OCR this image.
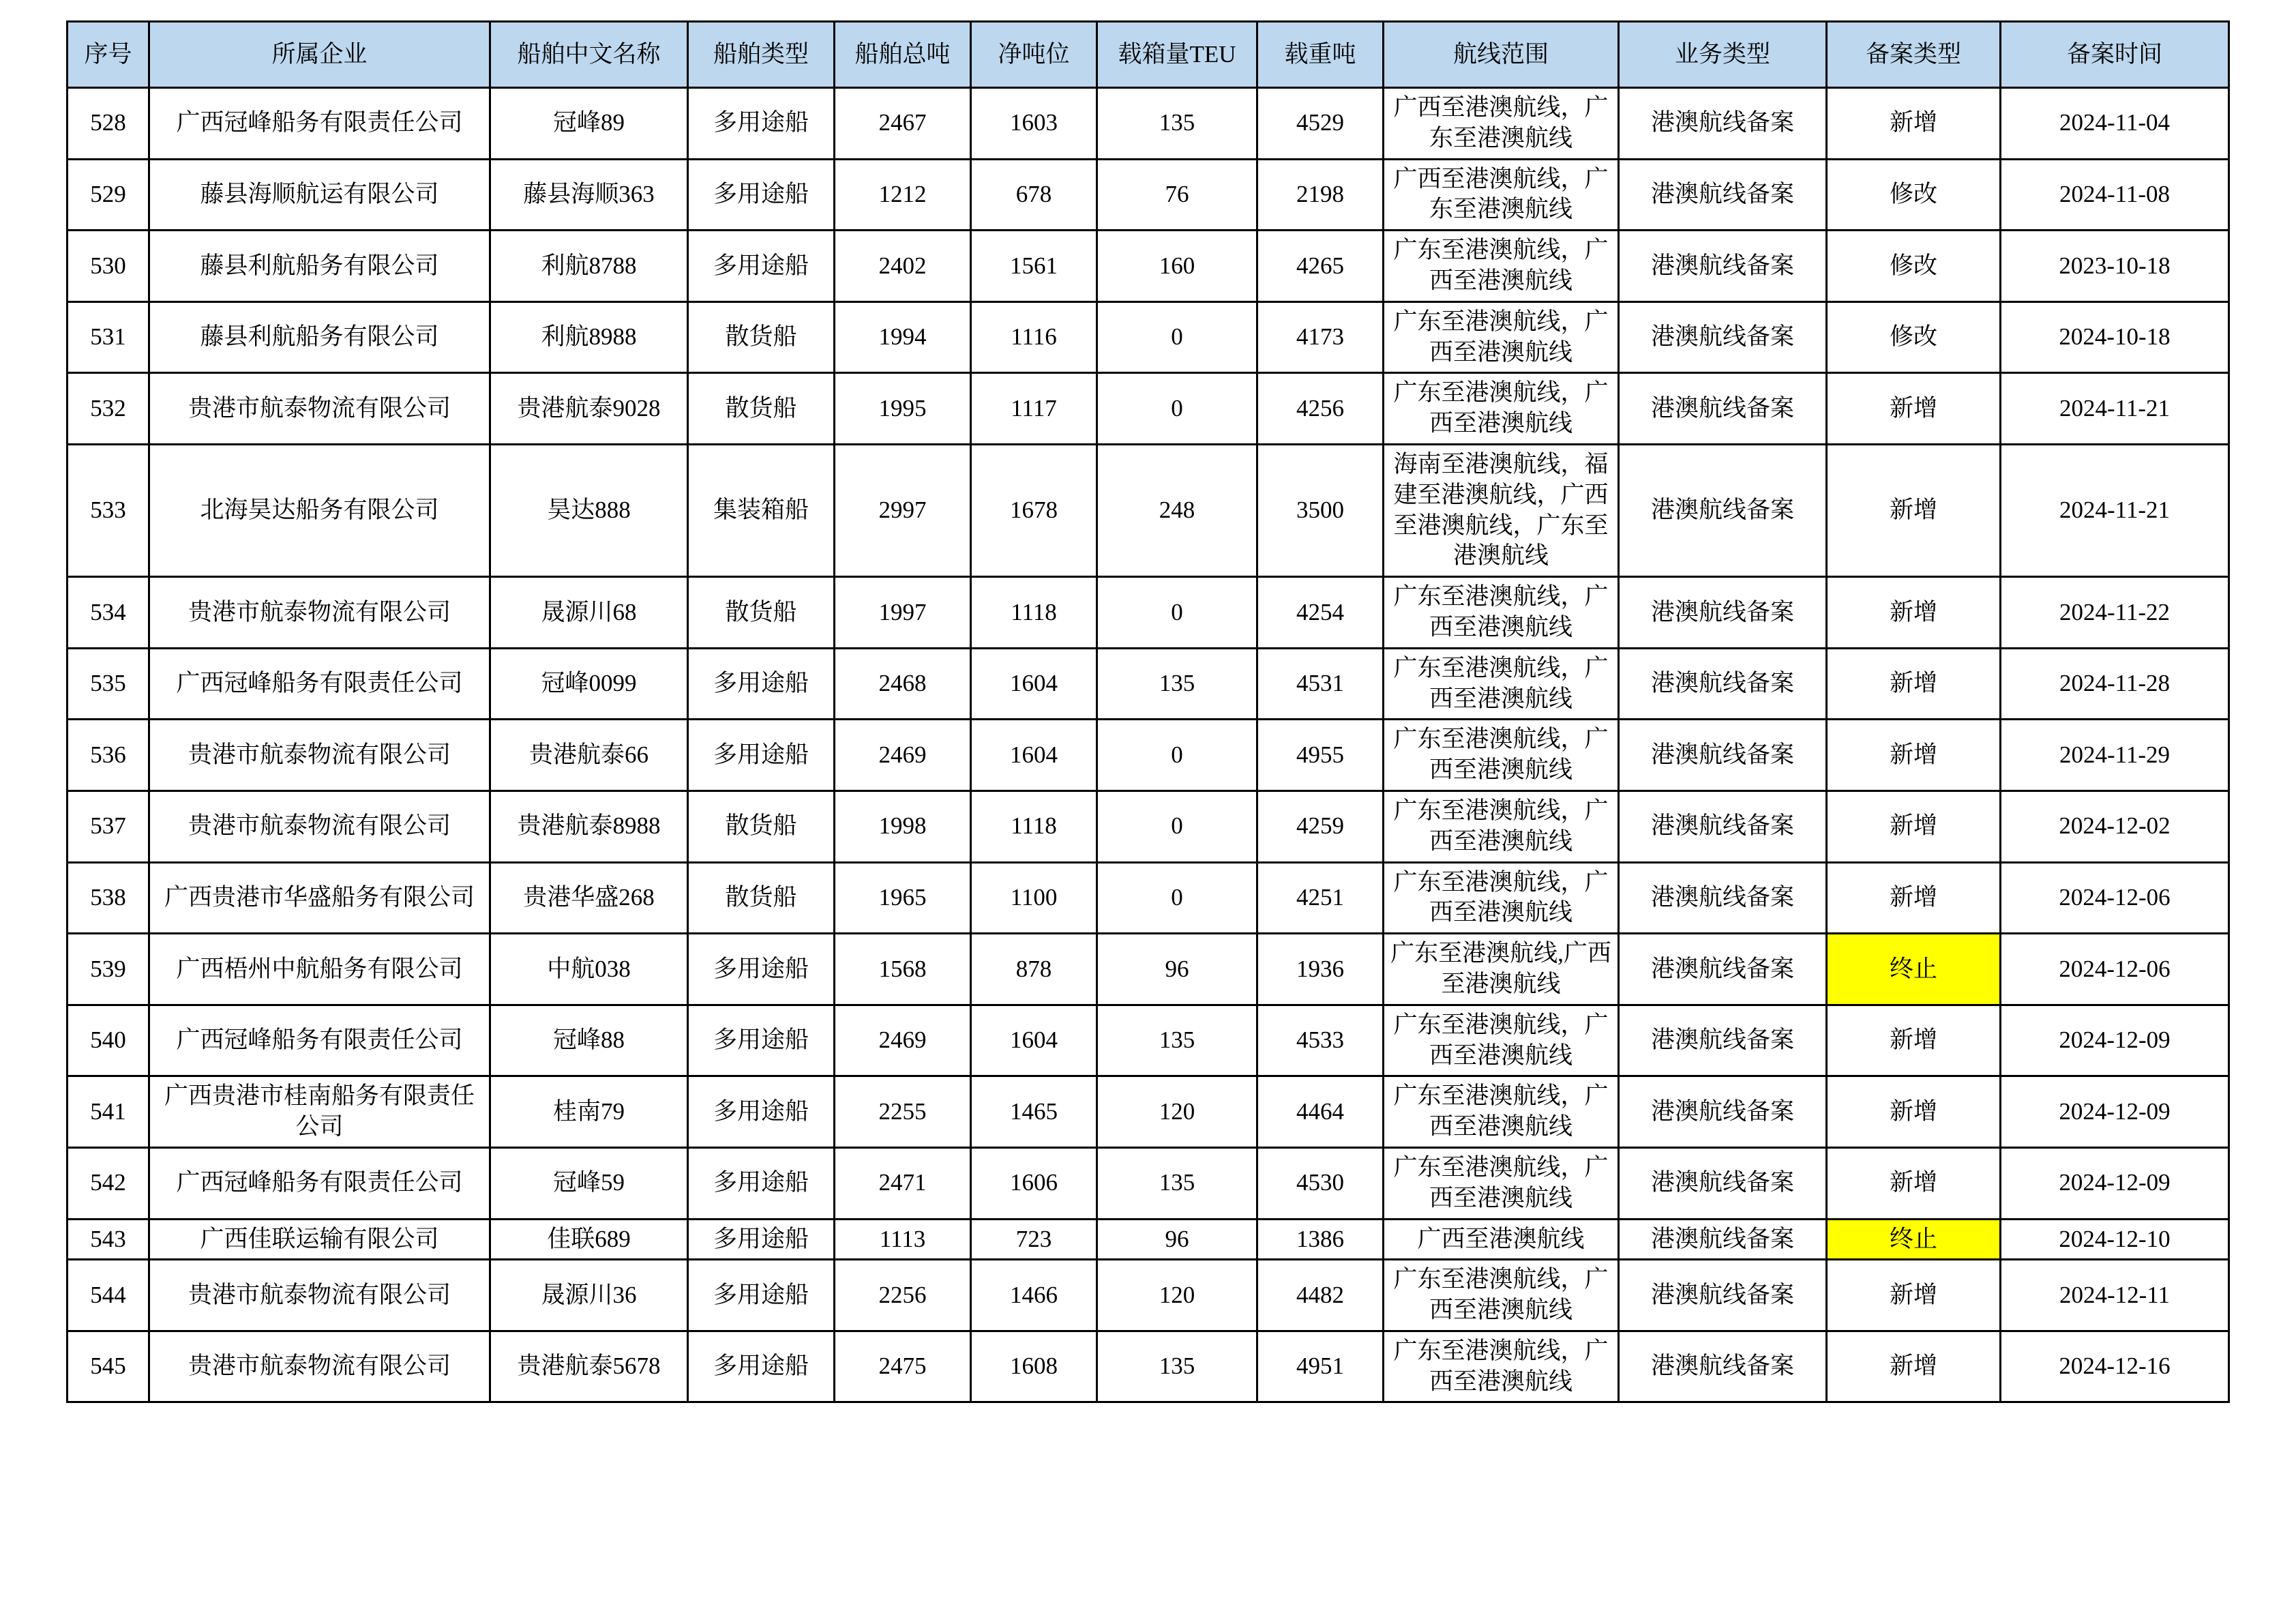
序号	所属企业	船舶中文名称	船舶类型	船舶总吨	净吨位	载箱量TEU	载重吨	航线范围	业务类型	备案类型	备案时间
528	广西冠峰船务有限责任公司	冠峰89	多用途船	2467	1603	135	4529	广西至港澳航线，广东至港澳航线	港澳航线备案	新增	2024-11-04
529	藤县海顺航运有限公司	藤县海顺363	多用途船	1212	678	76	2198	广西至港澳航线，广东至港澳航线	港澳航线备案	修改	2024-11-08
530	藤县利航船务有限公司	利航8788	多用途船	2402	1561	160	4265	广东至港澳航线，广西至港澳航线	港澳航线备案	修改	2023-10-18
531	藤县利航船务有限公司	利航8988	散货船	1994	1116	0	4173	广东至港澳航线，广西至港澳航线	港澳航线备案	修改	2024-10-18
532	贵港市航泰物流有限公司	贵港航泰9028	散货船	1995	1117	0	4256	广东至港澳航线，广西至港澳航线	港澳航线备案	新增	2024-11-21
533	北海昊达船务有限公司	昊达888	集装箱船	2997	1678	248	3500	海南至港澳航线，福建至港澳航线，广西至港澳航线，广东至港澳航线	港澳航线备案	新增	2024-11-21
534	贵港市航泰物流有限公司	晟源川68	散货船	1997	1118	0	4254	广东至港澳航线，广西至港澳航线	港澳航线备案	新增	2024-11-22
535	广西冠峰船务有限责任公司	冠峰0099	多用途船	2468	1604	135	4531	广东至港澳航线，广西至港澳航线	港澳航线备案	新增	2024-11-28
536	贵港市航泰物流有限公司	贵港航泰66	多用途船	2469	1604	0	4955	广东至港澳航线，广西至港澳航线	港澳航线备案	新增	2024-11-29
537	贵港市航泰物流有限公司	贵港航泰8988	散货船	1998	1118	0	4259	广东至港澳航线，广西至港澳航线	港澳航线备案	新增	2024-12-02
538	广西贵港市华盛船务有限公司	贵港华盛268	散货船	1965	1100	0	4251	广东至港澳航线，广西至港澳航线	港澳航线备案	新增	2024-12-06
539	广西梧州中航船务有限公司	中航038	多用途船	1568	878	96	1936	广东至港澳航线,广西至港澳航线	港澳航线备案	终止	2024-12-06
540	广西冠峰船务有限责任公司	冠峰88	多用途船	2469	1604	135	4533	广东至港澳航线，广西至港澳航线	港澳航线备案	新增	2024-12-09
541	广西贵港市桂南船务有限责任公司	桂南79	多用途船	2255	1465	120	4464	广东至港澳航线，广西至港澳航线	港澳航线备案	新增	2024-12-09
542	广西冠峰船务有限责任公司	冠峰59	多用途船	2471	1606	135	4530	广东至港澳航线，广西至港澳航线	港澳航线备案	新增	2024-12-09
543	广西佳联运输有限公司	佳联689	多用途船	1113	723	96	1386	广西至港澳航线	港澳航线备案	终止	2024-12-10
544	贵港市航泰物流有限公司	晟源川36	多用途船	2256	1466	120	4482	广东至港澳航线，广西至港澳航线	港澳航线备案	新增	2024-12-11
545	贵港市航泰物流有限公司	贵港航泰5678	多用途船	2475	1608	135	4951	广东至港澳航线，广西至港澳航线	港澳航线备案	新增	2024-12-16
